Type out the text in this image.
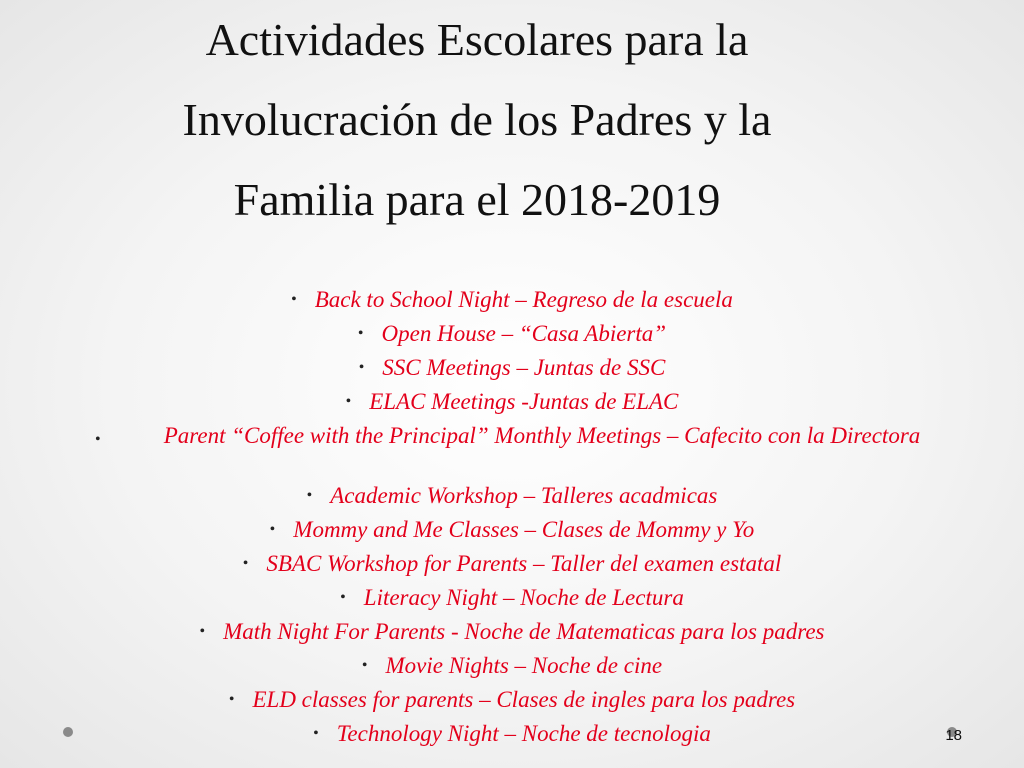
Actividades Escolares para la
Involucración de los Padres y la
Familia para el 2018-2019
• Back to School Night – Regreso de la escuela
• Open House – “Casa Abierta”
• SSC Meetings – Juntas de SSC
• ELAC Meetings -Juntas de ELAC
•	Parent “Coffee with the Principal” Monthly Meetings – Cafecito con la Directora
• Academic Workshop – Talleres acadmicas
• Mommy and Me Classes – Clases de Mommy y Yo
• SBAC Workshop for Parents – Taller del examen estatal
• Literacy Night – Noche de Lectura
• Math Night For Parents - Noche de Matematicas para los padres
• Movie Nights – Noche de cine
• ELD classes for parents – Clases de ingles para los padres
• Technology Night – Noche de tecnologia	18
